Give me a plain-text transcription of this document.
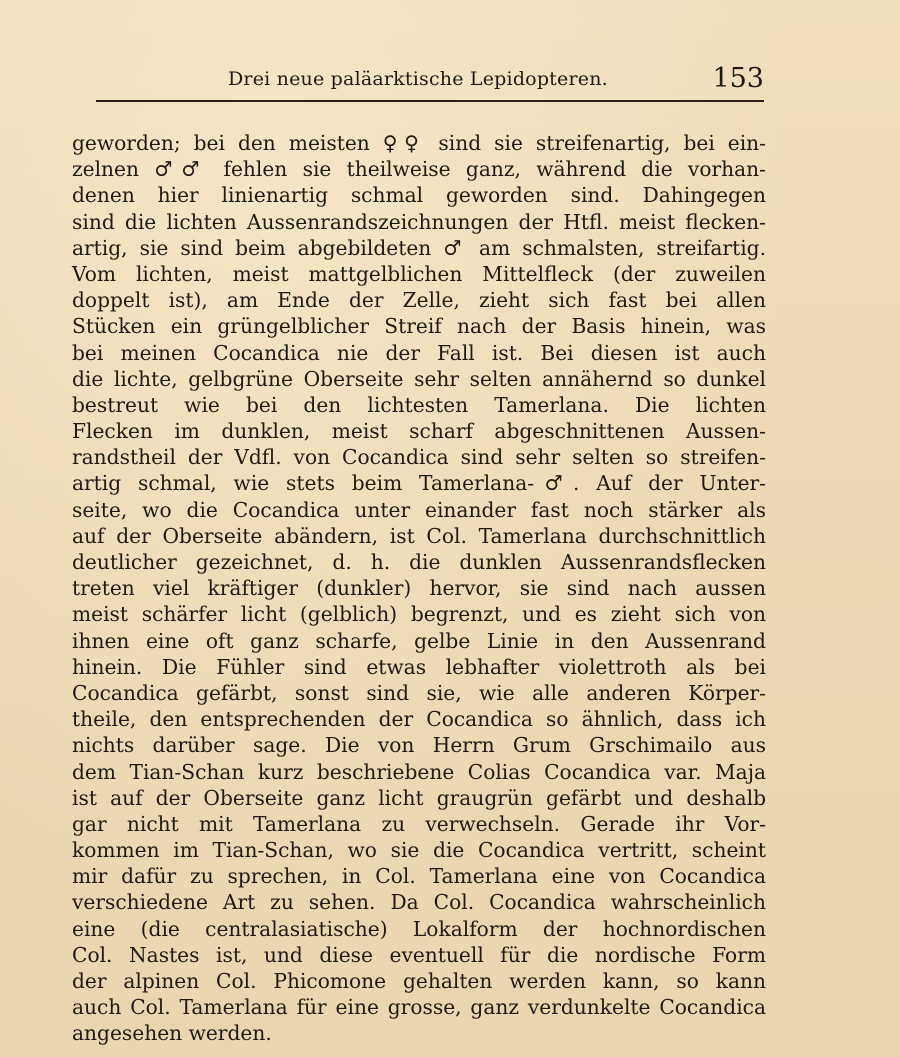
Drei neue paläarktische Lepidopteren.	153
geworden; bei den meisten ♀♀ sind sie streifenartig, bei ein-
zelnen ♂♂ fehlen sie theilweise ganz, während die vorhan-
denen hier linienartig schmal geworden sind. Dahingegen
sind die lichten Aussenrandszeichnungen der Htfl. meist flecken-
artig, sie sind beim abgebildeten ♂ am schmalsten, streifartig.
Vom lichten, meist mattgelblichen Mittelfleck (der zuweilen
doppelt ist), am Ende der Zelle, zieht sich fast bei allen
Stücken ein grüngelblicher Streif nach der Basis hinein, was
bei meinen Cocandica nie der Fall ist. Bei diesen ist auch
die lichte, gelbgrüne Oberseite sehr selten annähernd so dunkel
bestreut wie bei den lichtesten Tamerlana. Die lichten
Flecken im dunklen, meist scharf abgeschnittenen Aussen-
randstheil der Vdfl. von Cocandica sind sehr selten so streifen-
artig schmal, wie stets beim Tamerlana-♂. Auf der Unter-
seite, wo die Cocandica unter einander fast noch stärker als
auf der Oberseite abändern, ist Col. Tamerlana durchschnittlich
deutlicher gezeichnet, d. h. die dunklen Aussenrandsflecken
treten viel kräftiger (dunkler) hervor, sie sind nach aussen
meist schärfer licht (gelblich) begrenzt, und es zieht sich von
ihnen eine oft ganz scharfe, gelbe Linie in den Aussenrand
hinein. Die Fühler sind etwas lebhafter violettroth als bei
Cocandica gefärbt, sonst sind sie, wie alle anderen Körper-
theile, den entsprechenden der Cocandica so ähnlich, dass ich
nichts darüber sage. Die von Herrn Grum Grschimailo aus
dem Tian-Schan kurz beschriebene Colias Cocandica var. Maja
ist auf der Oberseite ganz licht graugrün gefärbt und deshalb
gar nicht mit Tamerlana zu verwechseln. Gerade ihr Vor-
kommen im Tian-Schan, wo sie die Cocandica vertritt, scheint
mir dafür zu sprechen, in Col. Tamerlana eine von Cocandica
verschiedene Art zu sehen. Da Col. Cocandica wahrscheinlich
eine (die centralasiatische) Lokalform der hochnordischen
Col. Nastes ist, und diese eventuell für die nordische Form
der alpinen Col. Phicomone gehalten werden kann, so kann
auch Col. Tamerlana für eine grosse, ganz verdunkelte Cocandica
angesehen werden.
